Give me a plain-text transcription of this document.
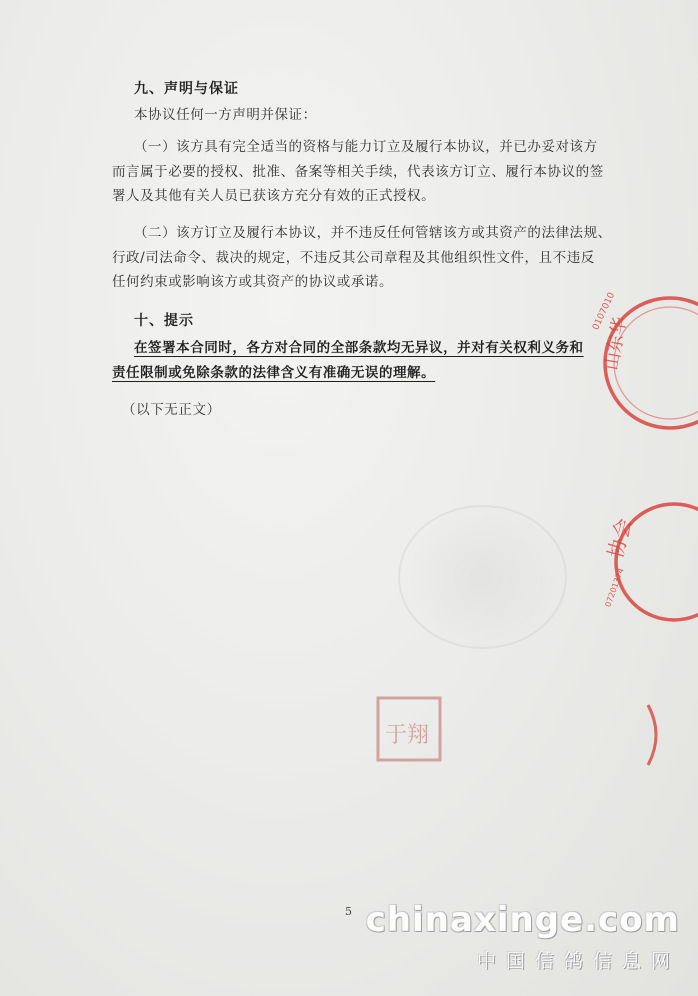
九、声明与保证
本协议任何一方声明并保证：
（一）该方具有完全适当的资格与能力订立及履行本协议，并已办妥对该方
而言属于必要的授权、批准、备案等相关手续，代表该方订立、履行本协议的签
署人及其他有关人员已获该方充分有效的正式授权。
（二）该方订立及履行本协议，并不违反任何管辖该方或其资产的法律法规、
行政/司法命令、裁决的规定，不违反其公司章程及其他组织性文件，且不违反
任何约束或影响该方或其资产的协议或承诺。
十、提示
在签署本合同时，各方对合同的全部条款均无异议，并对有关权利义务和
责任限制或免除条款的法律含义有准确无误的理解。
（以下无正文）
0107010
山东华
协会
07201374
于翔
5 chinaxinge.com
中国信鸽信息网
